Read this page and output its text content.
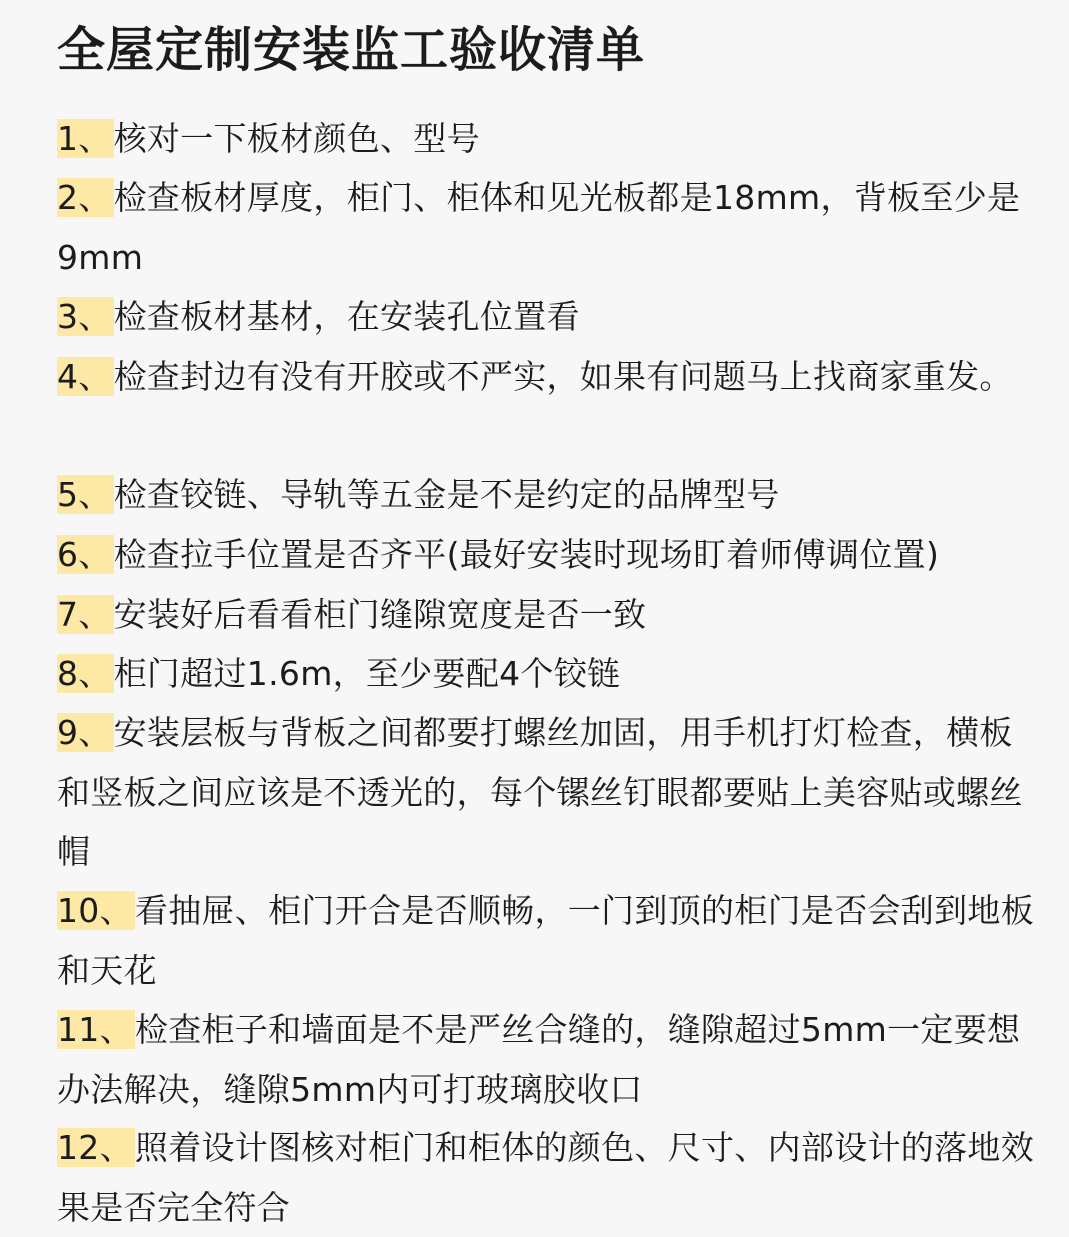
全屋定制安装监工验收清单
1、核对一下板材颜色、型号
2、检查板材厚度，柜门、柜体和见光板都是18mm，背板至少是9mm
3、检查板材基材，在安装孔位置看
4、检查封边有没有开胶或不严实，如果有问题马上找商家重发。
5、检查铰链、导轨等五金是不是约定的品牌型号
6、检查拉手位置是否齐平(最好安装时现场盯着师傅调位置)
7、安装好后看看柜门缝隙宽度是否一致
8、柜门超过1.6m，至少要配4个铰链
9、安装层板与背板之间都要打螺丝加固，用手机打灯检查，横板和竖板之间应该是不透光的，每个镙丝钉眼都要贴上美容贴或螺丝帽
10、看抽屉、柜门开合是否顺畅，一门到顶的柜门是否会刮到地板和天花
11、检查柜子和墙面是不是严丝合缝的，缝隙超过5mm一定要想办法解决，缝隙5mm内可打玻璃胶收口
12、照着设计图核对柜门和柜体的颜色、尺寸、内部设计的落地效果是否完全符合
